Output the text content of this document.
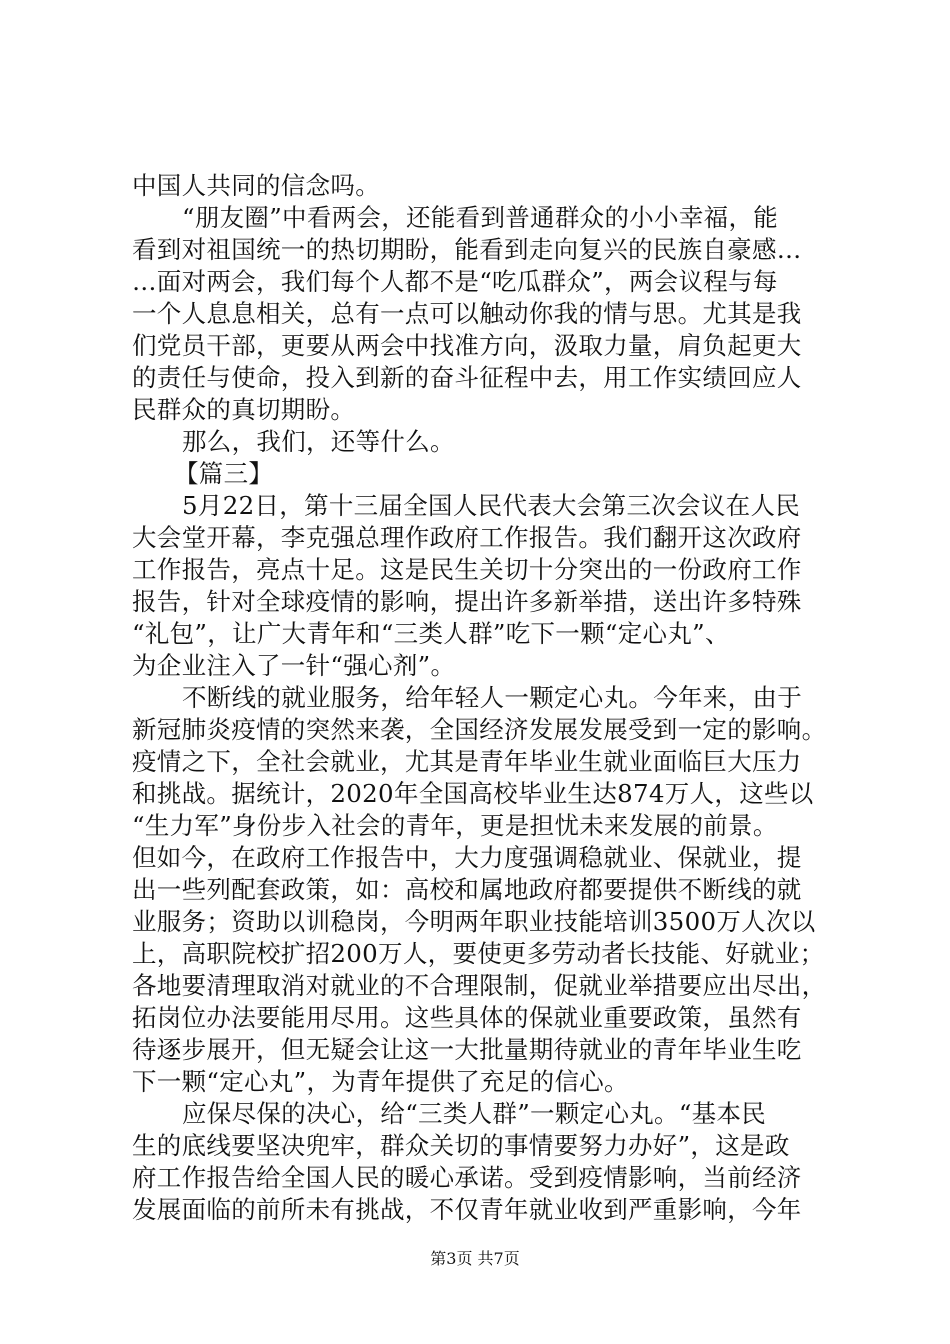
中国人共同的信念吗。
“朋友圈”中看两会，还能看到普通群众的小小幸福，能
看到对祖国统一的热切期盼，能看到走向复兴的民族自豪感…
…面对两会，我们每个人都不是“吃瓜群众”，两会议程与每
一个人息息相关，总有一点可以触动你我的情与思。尤其是我
们党员干部，更要从两会中找准方向，汲取力量，肩负起更大
的责任与使命，投入到新的奋斗征程中去，用工作实绩回应人
民群众的真切期盼。
那么，我们，还等什么。
【篇三】
5月22日，第十三届全国人民代表大会第三次会议在人民
大会堂开幕，李克强总理作政府工作报告。我们翻开这次政府
工作报告，亮点十足。这是民生关切十分突出的一份政府工作
报告，针对全球疫情的影响，提出许多新举措，送出许多特殊
“礼包”，让广大青年和“三类人群”吃下一颗“定心丸”、
为企业注入了一针“强心剂”。
不断线的就业服务，给年轻人一颗定心丸。今年来，由于
新冠肺炎疫情的突然来袭，全国经济发展发展受到一定的影响。
疫情之下，全社会就业，尤其是青年毕业生就业面临巨大压力
和挑战。据统计，2020年全国高校毕业生达874万人，这些以
“生力军”身份步入社会的青年，更是担忧未来发展的前景。
但如今，在政府工作报告中，大力度强调稳就业、保就业，提
出一些列配套政策，如：高校和属地政府都要提供不断线的就
业服务；资助以训稳岗，今明两年职业技能培训3500万人次以
上，高职院校扩招200万人，要使更多劳动者长技能、好就业；
各地要清理取消对就业的不合理限制，促就业举措要应出尽出，
拓岗位办法要能用尽用。这些具体的保就业重要政策，虽然有
待逐步展开，但无疑会让这一大批量期待就业的青年毕业生吃
下一颗“定心丸”，为青年提供了充足的信心。
应保尽保的决心，给“三类人群”一颗定心丸。“基本民
生的底线要坚决兜牢，群众关切的事情要努力办好”，这是政
府工作报告给全国人民的暖心承诺。受到疫情影响，当前经济
发展面临的前所未有挑战，不仅青年就业收到严重影响，今年
第3页 共7页
